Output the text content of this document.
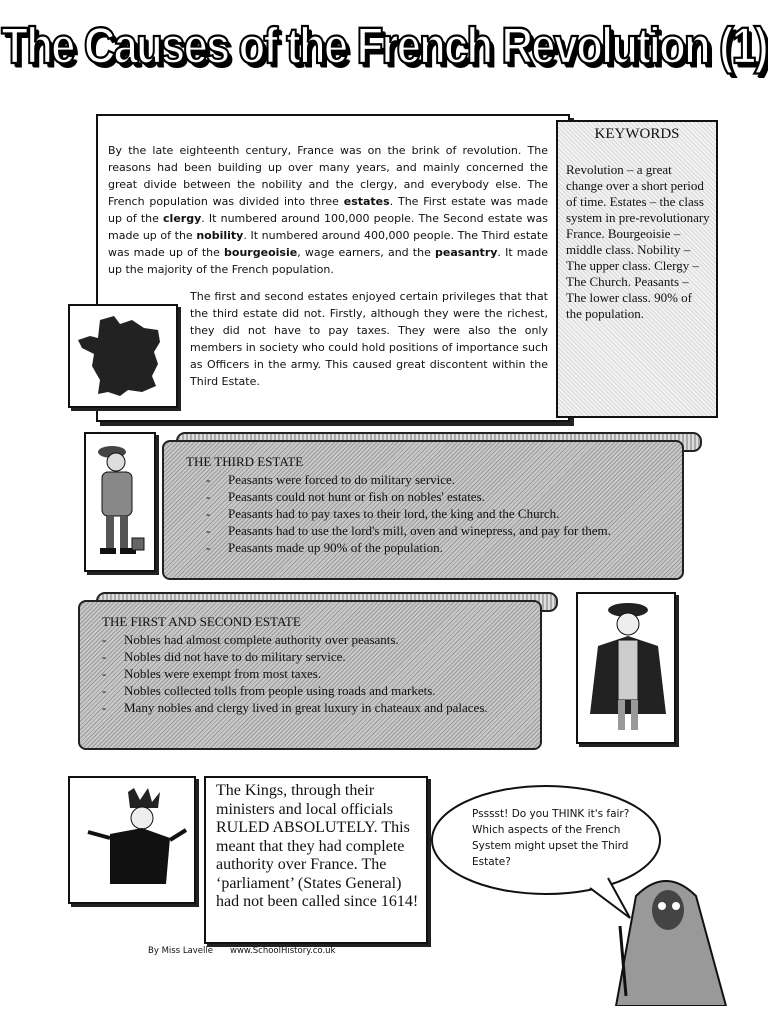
The Causes of the French Revolution (1)

By the late eighteenth century, France was on the brink of revolution. The reasons had been building up over many years, and mainly concerned the great divide between the nobility and the clergy, and everybody else. The French population was divided into three estates. The First estate was made up of the clergy. It numbered around 100,000 people. The Second estate was made up of the nobility. It numbered around 400,000 people. The Third estate was made up of the bourgeoisie, wage earners, and the peasantry. It made up the majority of the French population.

The first and second estates enjoyed certain privileges that that the third estate did not. Firstly, although they were the richest, they did not have to pay taxes. They were also the only members in society who could hold positions of importance such as Officers in the army. This caused great discontent within the Third Estate.

KEYWORDS
Revolution – a great change over a short period of time. Estates – the class system in pre-revolutionary France. Bourgeoisie – middle class. Nobility – The upper class. Clergy – The Church. Peasants – The lower class. 90% of the population.
THE THIRD ESTATE
- Peasants were forced to do military service.
- Peasants could not hunt or fish on nobles' estates.
- Peasants had to pay taxes to their lord, the king and the Church.
- Peasants had to use the lord's mill, oven and winepress, and pay for them.
- Peasants made up 90% of the population.
THE FIRST AND SECOND ESTATE
- Nobles had almost complete authority over peasants.
- Nobles did not have to do military service.
- Nobles were exempt from most taxes.
- Nobles collected tolls from people using roads and markets.
- Many nobles and clergy lived in great luxury in chateaux and palaces.

The Kings, through their ministers and local officials RULED ABSOLUTELY. This meant that they had complete authority over France. The ‘parliament’ (States General) had not been called since 1614!

Psssst! Do you THINK it's fair? Which aspects of the French System might upset the Third Estate?

By Miss Lavelle www.SchoolHistory.co.uk
